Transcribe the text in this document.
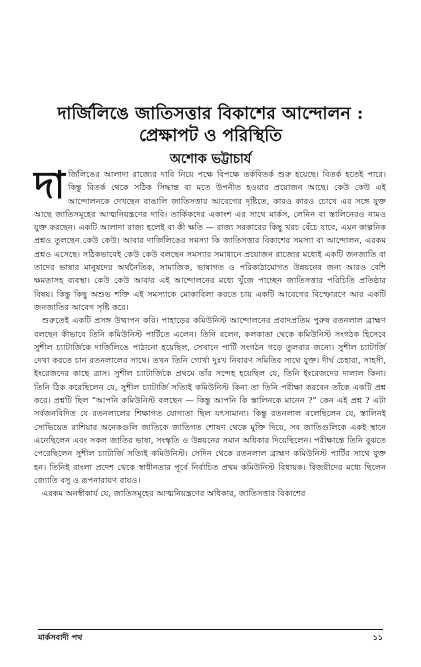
দার্জিলিঙে জাতিসত্তার বিকাশের আন্দোলন :
প্রেক্ষাপট ও পরিস্থিতি
অশোক ভট্টাচার্য

দার্জিলিঙের আলাদা রাজ্যের দাবি নিয়ে পক্ষে বিপক্ষে তর্কবিতর্ক শুরু হয়েছে। বিতর্ক হতেই পারে। কিন্তু বিতর্ক থেকে সঠিক সিদ্ধান্ত বা মতে উপনীত হওয়ার প্রয়োজন আছে। কেউ কেউ এই আন্দোলনকে দেখছেন বাঙালি জাতিসত্তার আবেগের দৃষ্টিতে, কারও কারও চোখে এর সঙ্গে যুক্ত আছে জাতিসমূহের আত্মনিয়ন্ত্রণের দাবি। তার্কিকদের একাংশ এর সাথে মার্কস, লেনিন বা স্তালিনেরও নামও যুক্ত করছেন। একটি আলাদা রাজ্য হলেই বা কী ক্ষতি — রাজ্য সরকারের কিছু খরচ বেঁচে যাবে, এমন কাল্পনিক প্রশ্নও তুলছেন কেউ কেউ। আবার দার্জিলিঙের সমস্যা কি জাতিসত্তার বিকাশের সমস্যা বা আন্দোলন, এরকম প্রশ্নও এসেছে। সঠিকভাবেই কেউ কেউ বলছেন সমস্যার সমাধানে প্রয়োজন রাজ্যের মধ্যেই একটি জনজাতি বা তাদের ভাষার মানুষদের অর্থনৈতিক, সামাজিক, ভাষাগত ও পরিকাঠামোগত উন্নয়নের জন্য আরও বেশি ক্ষমতাসহ ব্যবস্থা। কেউ কেউ আবার এই আন্দোলনের মধ্যে খুঁজে পাচ্ছেন জাতিসত্তার পরিচিতি প্রতিষ্ঠার বিষয়। কিন্তু কিছু অশুভ শক্তি এই সমস্যাকে মোকাবিলা করতে চায় একটি আবেগের বিস্ফোরণে আর একটি জনজাতির আবেগ সৃষ্টি করে।

শুরুতেই একটি প্রসঙ্গ উত্থাপন করি। পাহাড়ের কমিউনিস্ট আন্দোলনের প্রবাদপ্রতিম পুরুষ রতনলাল ব্রাহ্মণ বলছেন কীভাবে তিনি কমিউনিস্ট পার্টিতে এলেন। তিনি বলেন, কলকাতা থেকে কমিউনিস্ট সংগঠক হিসেবে সুশীল চ্যাটার্জিকে দার্জিলিঙে পাঠানো হয়েছিল, সেখানে পার্টি সংগঠন গড়ে তুলবার জন্যে। সুশীল চ্যাটার্জি দেখা করতে চান রতনলালের সাথে। তখন তিনি গোর্খা দুঃখ নিবারণ সমিতির সাথে যুক্ত। দীর্ঘ চেহারা, সাহসী, ইংরেজদের কাছে ত্রাস। সুশীল চ্যাটার্জিকে প্রথমে তাঁর সন্দেহ হয়েছিল যে, তিনি ইংরেজদের দালাল কিনা। তিনি ঠিক করেছিলেন যে, সুশীল চ্যাটার্জি সত্যিই কমিউনিস্ট কিনা তা তিনি পরীক্ষা করবেন তাঁকে একটি প্রশ্ন করে। প্রশ্নটি ছিল “আপনি কমিউনিস্ট বলছেন — কিন্তু আপনি কি স্তালিনকে মানেন ?” কেন এই প্রশ্ন ? এটা সর্বজনবিদিত যে রতনলালের শিক্ষাগত যোগ্যতা ছিল যৎসামান্য। কিন্তু রতনলাল বলেছিলেন যে, স্তালিনই সোভিয়েত রাশিয়ার অনেকগুলি জাতিকে জাতিগত শোষণ থেকে মুক্তি দিয়ে, সব জাতিগুলিকে একই স্থানে এনেছিলেন এবং সকল জাতির ভাষা, সংস্কৃতি ও উন্নয়নের সমান অধিকার দিয়েছিলেন। পরীক্ষান্তে তিনি বুঝতে পেরেছিলেন সুশীল চ্যাটার্জি সত্যিই কমিউনিস্ট। সেদিন থেকে রতনলাল ব্রাহ্মণ কমিউনিস্ট পার্টির সাথে যুক্ত হন। তিনিই বাংলা প্রদেশ থেকে স্বাধীনতার পূর্বে নির্বাচিত প্রথম কমিউনিস্ট বিধায়ক। বিজয়ীদের মধ্যে ছিলেন জ্যোতি বসু ও রূপনারায়ণ রায়ও।

এরকম অনস্বীকার্য যে, জাতিসমূহের আত্মনিয়ন্ত্রণের অধিকার, জাতিসত্তার বিকাশের

মার্কসবাদী পথ	১১
